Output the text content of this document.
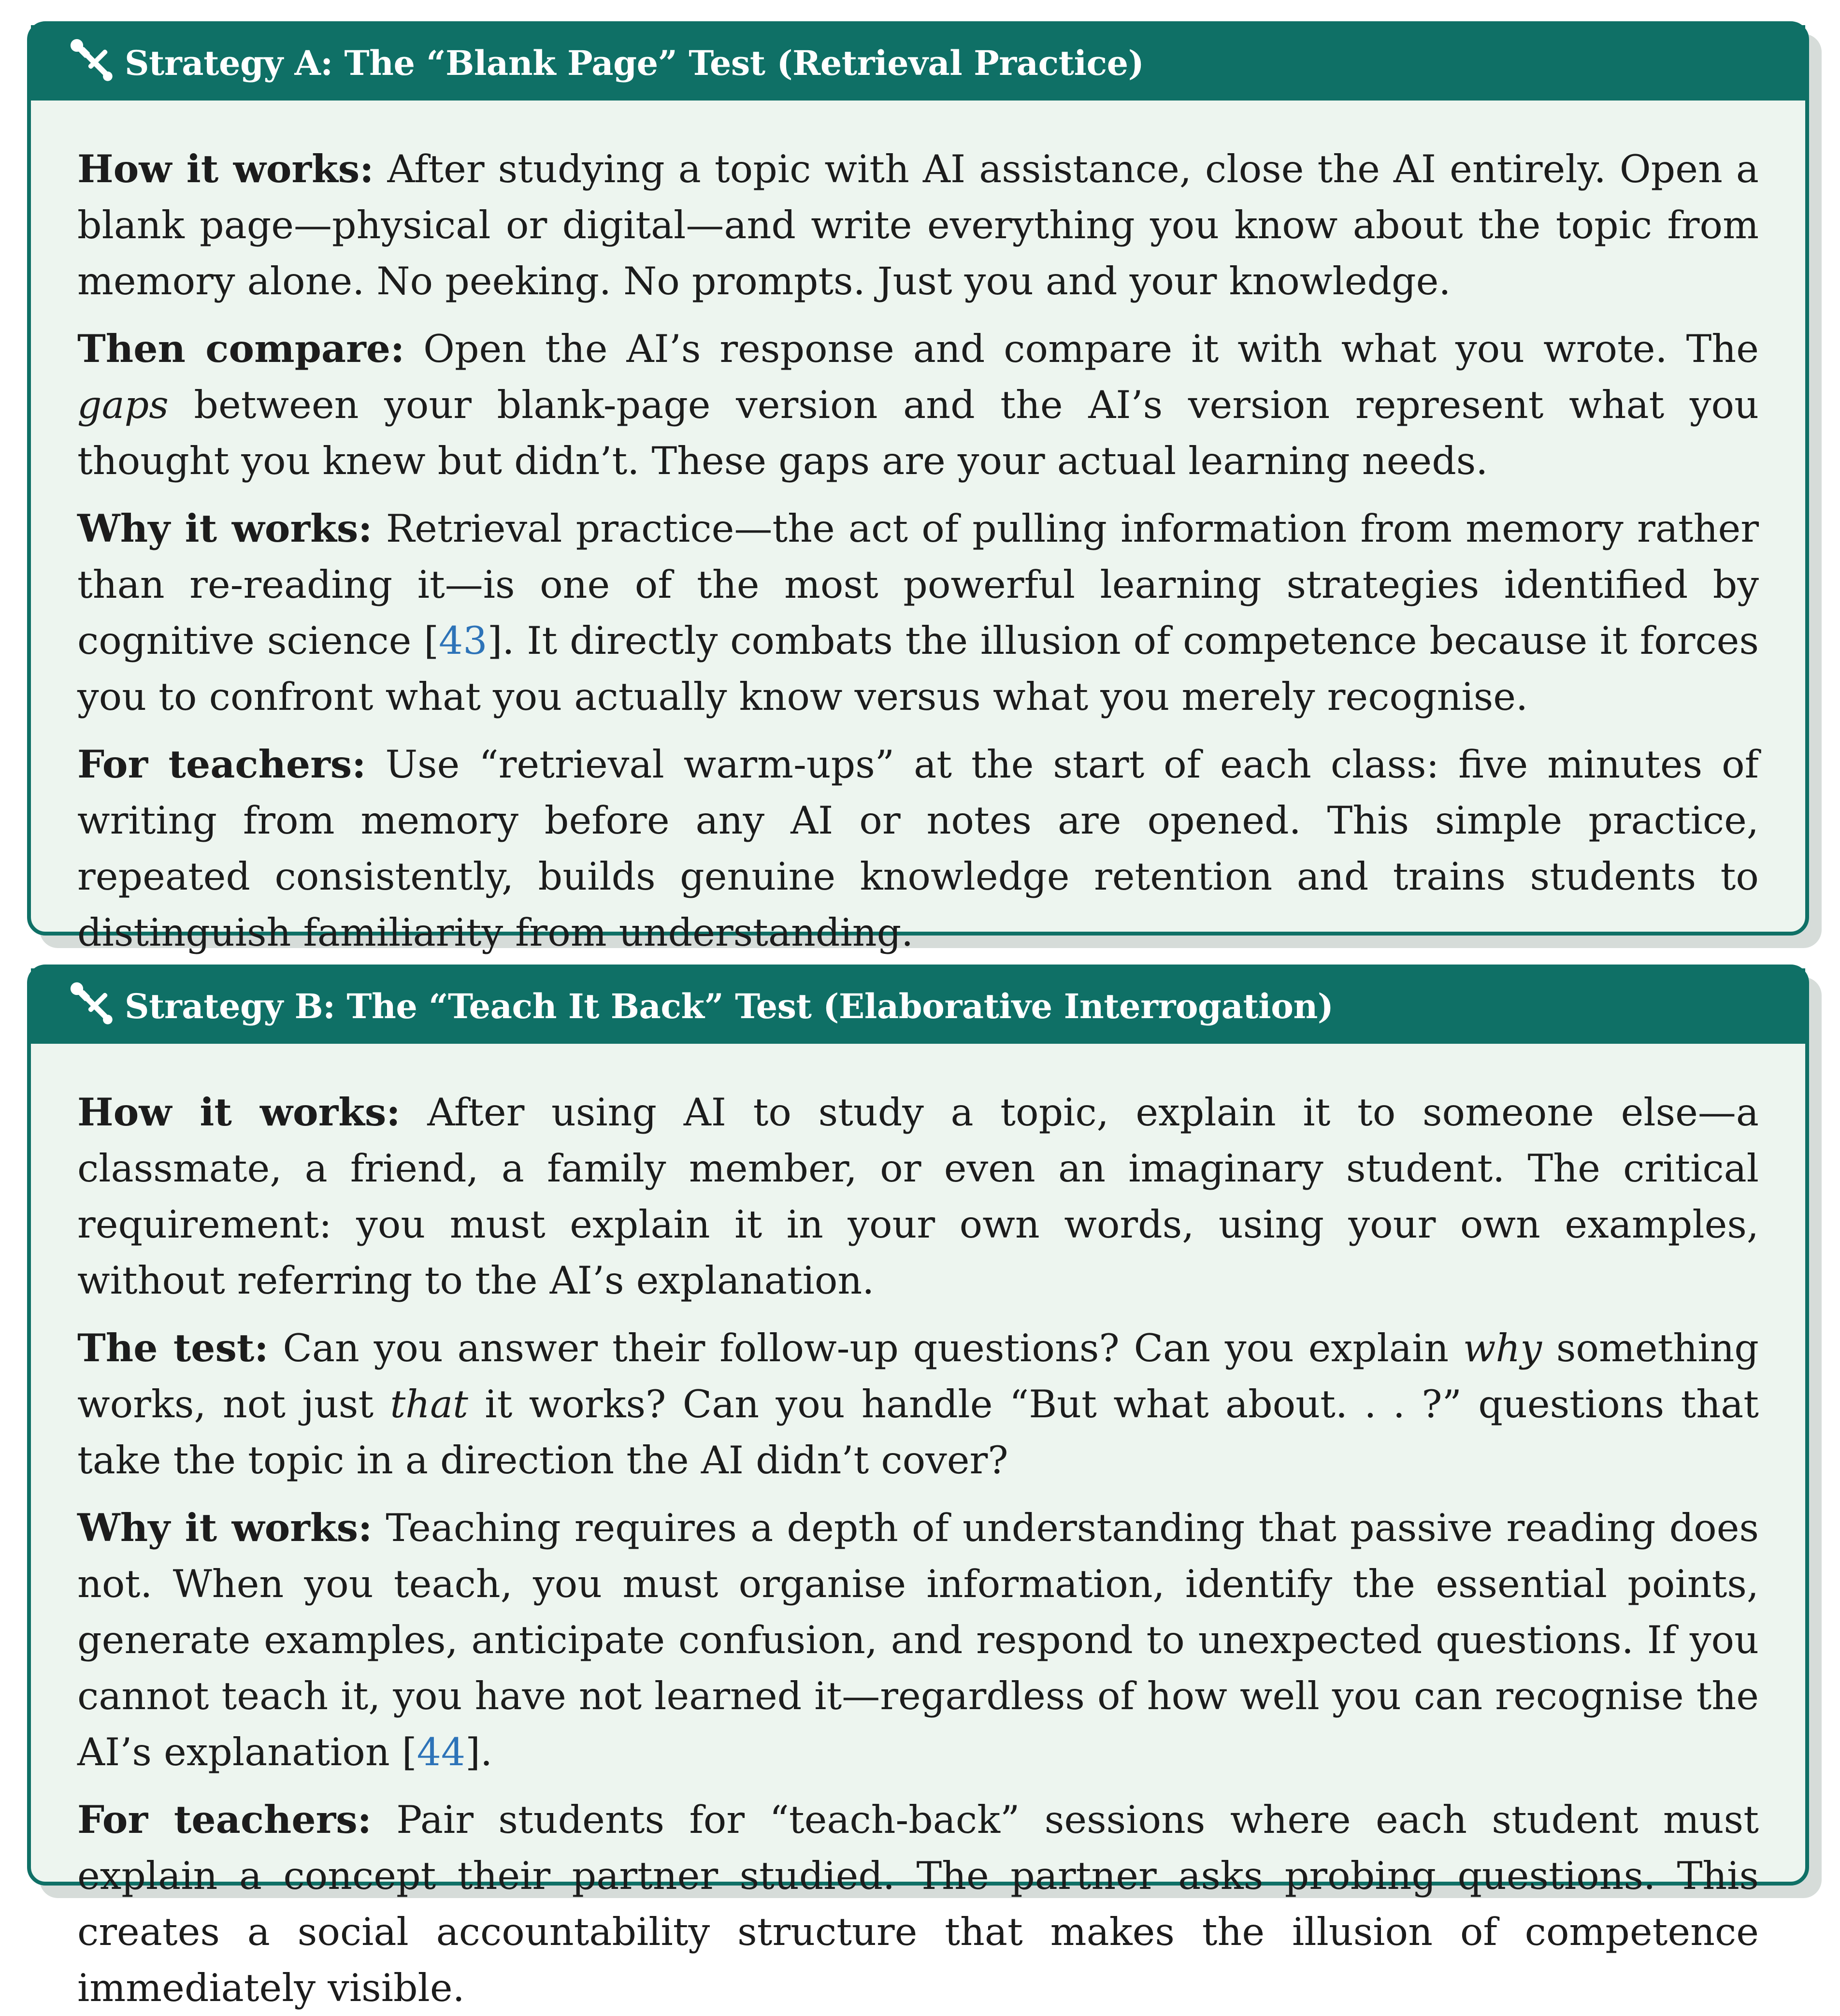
Strategy A: The “Blank Page” Test (Retrieval Practice)

How it works: After studying a topic with AI assistance, close the AI entirely. Open a blank page—physical or digital—and write everything you know about the topic from memory alone. No peeking. No prompts. Just you and your knowledge.

Then compare: Open the AI’s response and compare it with what you wrote. The gaps between your blank-page version and the AI’s version represent what you thought you knew but didn’t. These gaps are your actual learning needs.

Why it works: Retrieval practice—the act of pulling information from memory rather than re-reading it—is one of the most powerful learning strategies identified by cognitive science [43]. It directly combats the illusion of competence because it forces you to confront what you actually know versus what you merely recognise.

For teachers: Use “retrieval warm-ups” at the start of each class: five minutes of writing from memory before any AI or notes are opened. This simple practice, repeated consistently, builds genuine knowledge retention and trains students to distinguish familiarity from understanding.

Strategy B: The “Teach It Back” Test (Elaborative Interrogation)

How it works: After using AI to study a topic, explain it to someone else—a classmate, a friend, a family member, or even an imaginary student. The critical requirement: you must explain it in your own words, using your own examples, without referring to the AI’s explanation.

The test: Can you answer their follow-up questions? Can you explain why something works, not just that it works? Can you handle “But what about. . . ?” questions that take the topic in a direction the AI didn’t cover?

Why it works: Teaching requires a depth of understanding that passive reading does not. When you teach, you must organise information, identify the essential points, generate examples, anticipate confusion, and respond to unexpected questions. If you cannot teach it, you have not learned it—regardless of how well you can recognise the AI’s explanation [44].

For teachers: Pair students for “teach-back” sessions where each student must explain a concept their partner studied. The partner asks probing questions. This creates a social accountability structure that makes the illusion of competence immediately visible.
